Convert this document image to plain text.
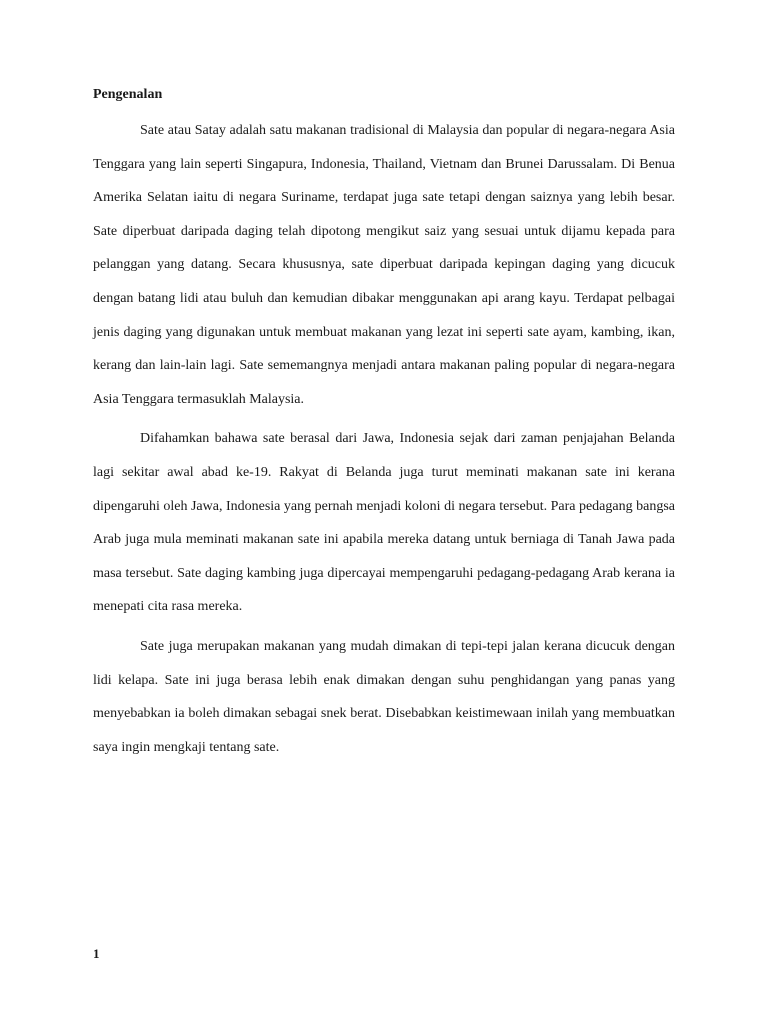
Pengenalan

Sate atau Satay adalah satu makanan tradisional di Malaysia dan popular di negara-negara Asia Tenggara yang lain seperti Singapura, Indonesia, Thailand, Vietnam dan Brunei Darussalam. Di Benua Amerika Selatan iaitu di negara Suriname, terdapat juga sate tetapi dengan saiznya yang lebih besar. Sate diperbuat daripada daging telah dipotong mengikut saiz yang sesuai untuk dijamu kepada para pelanggan yang datang. Secara khususnya, sate diperbuat daripada kepingan daging yang dicucuk dengan batang lidi atau buluh dan kemudian dibakar menggunakan api arang kayu. Terdapat pelbagai jenis daging yang digunakan untuk membuat makanan yang lezat ini seperti sate ayam, kambing, ikan, kerang dan lain-lain lagi. Sate sememangnya menjadi antara makanan paling popular di negara-negara Asia Tenggara termasuklah Malaysia.

Difahamkan bahawa sate berasal dari Jawa, Indonesia sejak dari zaman penjajahan Belanda lagi sekitar awal abad ke-19. Rakyat di Belanda juga turut meminati makanan sate ini kerana dipengaruhi oleh Jawa, Indonesia yang pernah menjadi koloni di negara tersebut. Para pedagang bangsa Arab juga mula meminati makanan sate ini apabila mereka datang untuk berniaga di Tanah Jawa pada masa tersebut. Sate daging kambing juga dipercayai mempengaruhi pedagang-pedagang Arab kerana ia menepati cita rasa mereka.

Sate juga merupakan makanan yang mudah dimakan di tepi-tepi jalan kerana dicucuk dengan lidi kelapa. Sate ini juga berasa lebih enak dimakan dengan suhu penghidangan yang panas yang menyebabkan ia boleh dimakan sebagai snek berat. Disebabkan keistimewaan inilah yang membuatkan saya ingin mengkaji tentang sate.

1
